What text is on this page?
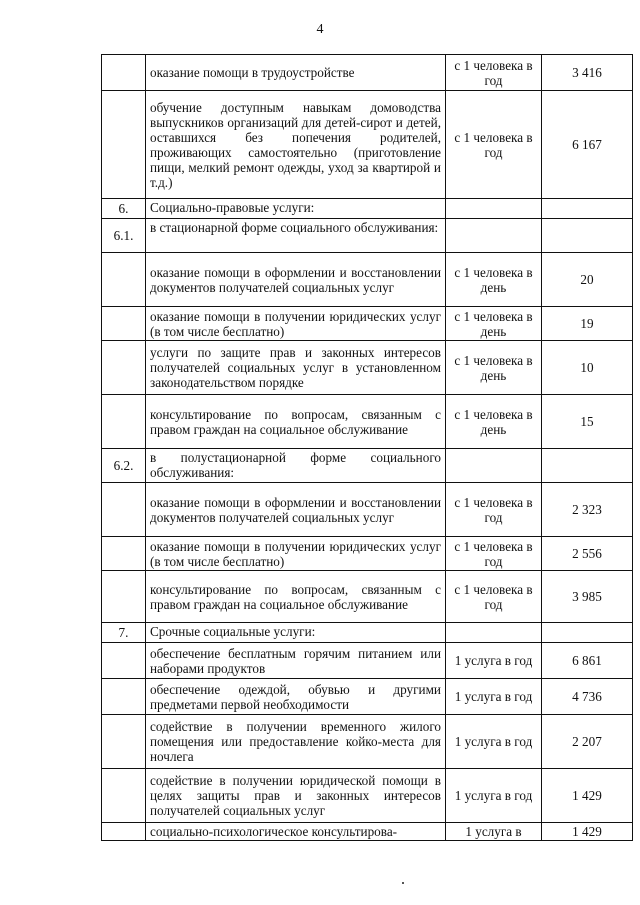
4
	оказание помощи в трудоустройстве	с 1 человека в год	3 416
	обучение доступным навыкам домоводства выпускников организаций для детей-сирот и детей, оставшихся без попечения родителей, проживающих самостоятельно (приготовление пищи, мелкий ремонт одежды, уход за квартирой и т.д.)	с 1 человека в год	6 167
6.	Социально-правовые услуги:		
6.1.	в стационарной форме социального обслуживания:		
	оказание помощи в оформлении и восстановлении документов получателей социальных услуг	с 1 человека в день	20
	оказание помощи в получении юридических услуг (в том числе бесплатно)	с 1 человека в день	19
	услуги по защите прав и законных интересов получателей социальных услуг в установленном законодательством порядке	с 1 человека в день	10
	консультирование по вопросам, связанным с правом граждан на социальное обслуживание	с 1 человека в день	15
6.2.	в полустационарной форме социального обслуживания:		
	оказание помощи в оформлении и восстановлении документов получателей социальных услуг	с 1 человека в год	2 323
	оказание помощи в получении юридических услуг (в том числе бесплатно)	с 1 человека в год	2 556
	консультирование по вопросам, связанным с правом граждан на социальное обслуживание	с 1 человека в год	3 985
7.	Срочные социальные услуги:		
	обеспечение бесплатным горячим питанием или наборами продуктов	1 услуга в год	6 861
	обеспечение одеждой, обувью и другими предметами первой необходимости	1 услуга в год	4 736
	содействие в получении временного жилого помещения или предоставление койко-места для ночлега	1 услуга в год	2 207
	содействие в получении юридической помощи в целях защиты прав и законных интересов получателей социальных услуг	1 услуга в год	1 429
	социально-психологическое консультирова-	1 услуга в	1 429
